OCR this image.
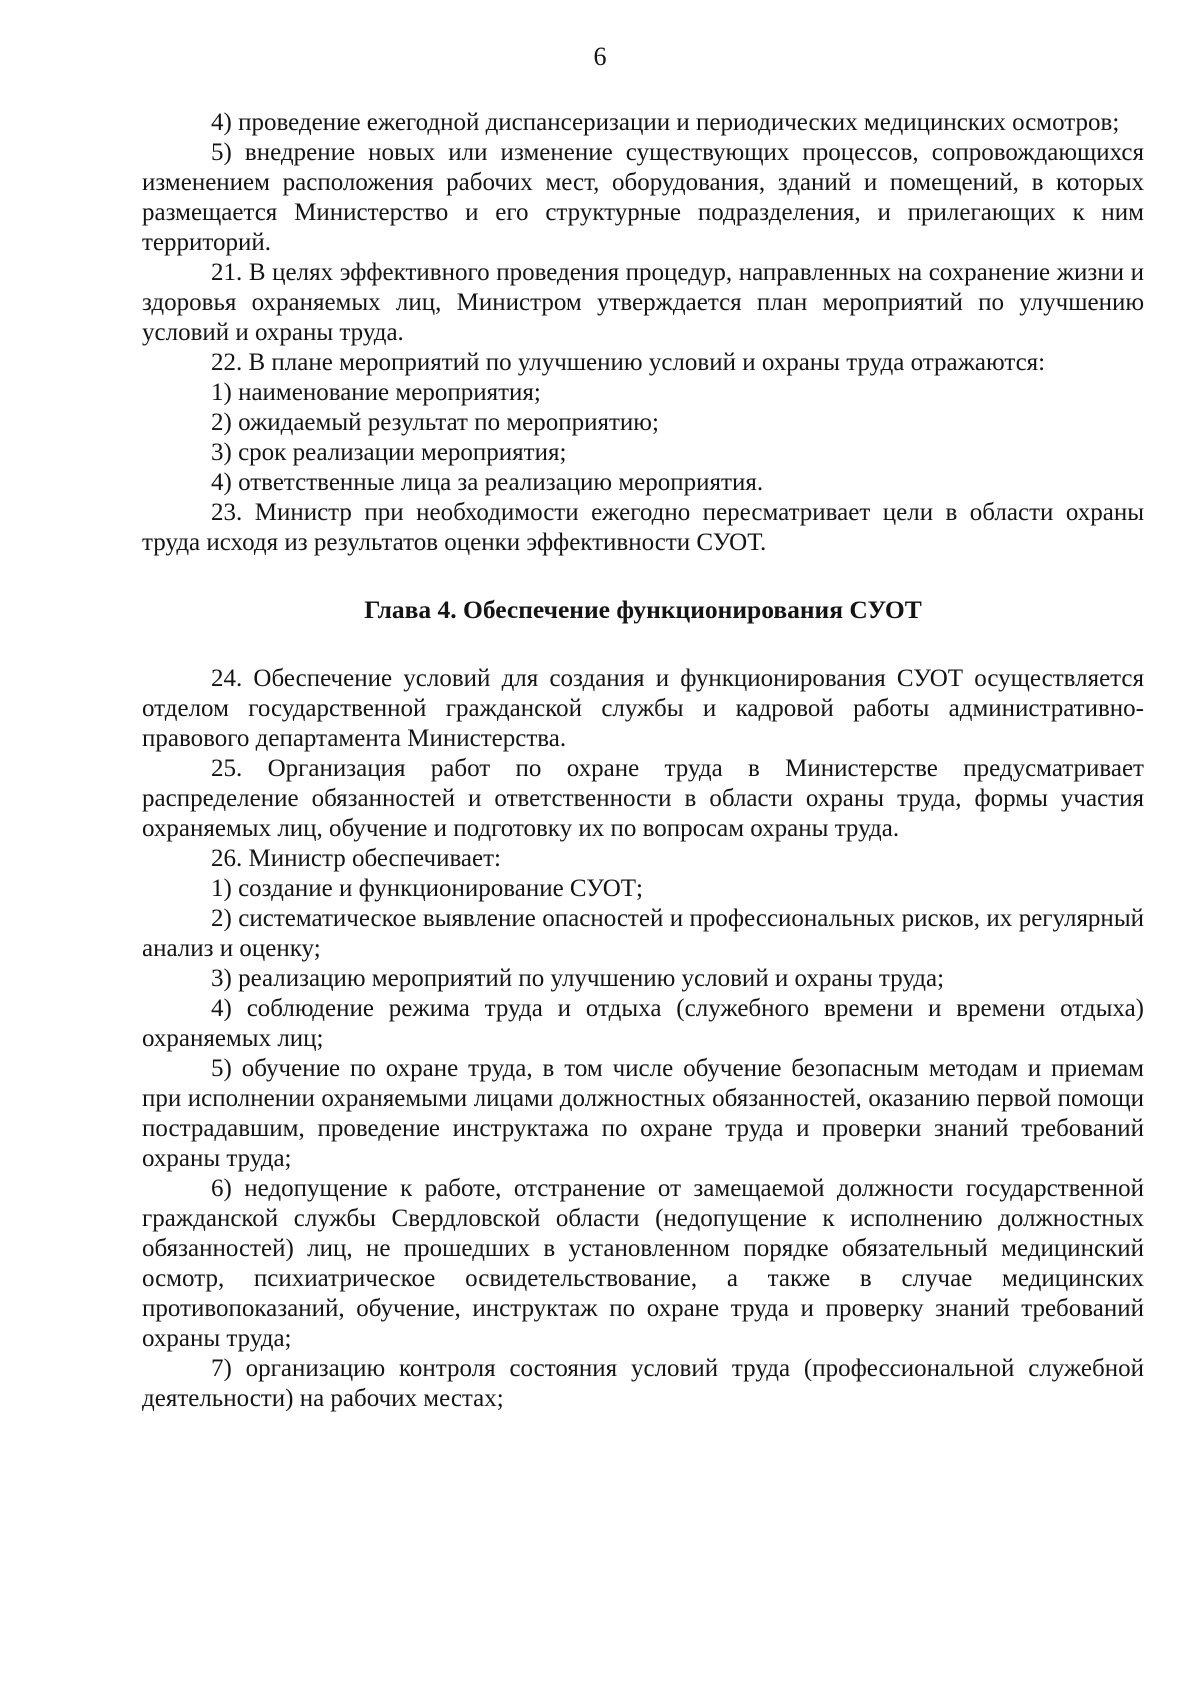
6

4) проведение ежегодной диспансеризации и периодических медицинских осмотров;

5) внедрение новых или изменение существующих процессов, сопровождающихся изменением расположения рабочих мест, оборудования, зданий и помещений, в которых размещается Министерство и его структурные подразделения, и прилегающих к ним территорий.

21. В целях эффективного проведения процедур, направленных на сохранение жизни и здоровья охраняемых лиц, Министром утверждается план мероприятий по улучшению условий и охраны труда.

22. В плане мероприятий по улучшению условий и охраны труда отражаются:

1) наименование мероприятия;

2) ожидаемый результат по мероприятию;

3) срок реализации мероприятия;

4) ответственные лица за реализацию мероприятия.

23. Министр при необходимости ежегодно пересматривает цели в области охраны труда исходя из результатов оценки эффективности СУОТ.

Глава 4. Обеспечение функционирования СУОТ

24. Обеспечение условий для создания и функционирования СУОТ осуществляется отделом государственной гражданской службы и кадровой работы административно-правового департамента Министерства.

25. Организация работ по охране труда в Министерстве предусматривает распределение обязанностей и ответственности в области охраны труда, формы участия охраняемых лиц, обучение и подготовку их по вопросам охраны труда.

26. Министр обеспечивает:

1) создание и функционирование СУОТ;

2) систематическое выявление опасностей и профессиональных рисков, их регулярный анализ и оценку;

3) реализацию мероприятий по улучшению условий и охраны труда;

4) соблюдение режима труда и отдыха (служебного времени и времени отдыха) охраняемых лиц;

5) обучение по охране труда, в том числе обучение безопасным методам и приемам при исполнении охраняемыми лицами должностных обязанностей, оказанию первой помощи пострадавшим, проведение инструктажа по охране труда и проверки знаний требований охраны труда;

6) недопущение к работе, отстранение от замещаемой должности государственной гражданской службы Свердловской области (недопущение к исполнению должностных обязанностей) лиц, не прошедших в установленном порядке обязательный медицинский осмотр, психиатрическое освидетельствование, а также в случае медицинских противопоказаний, обучение, инструктаж по охране труда и проверку знаний требований охраны труда;

7) организацию контроля состояния условий труда (профессиональной служебной деятельности) на рабочих местах;
